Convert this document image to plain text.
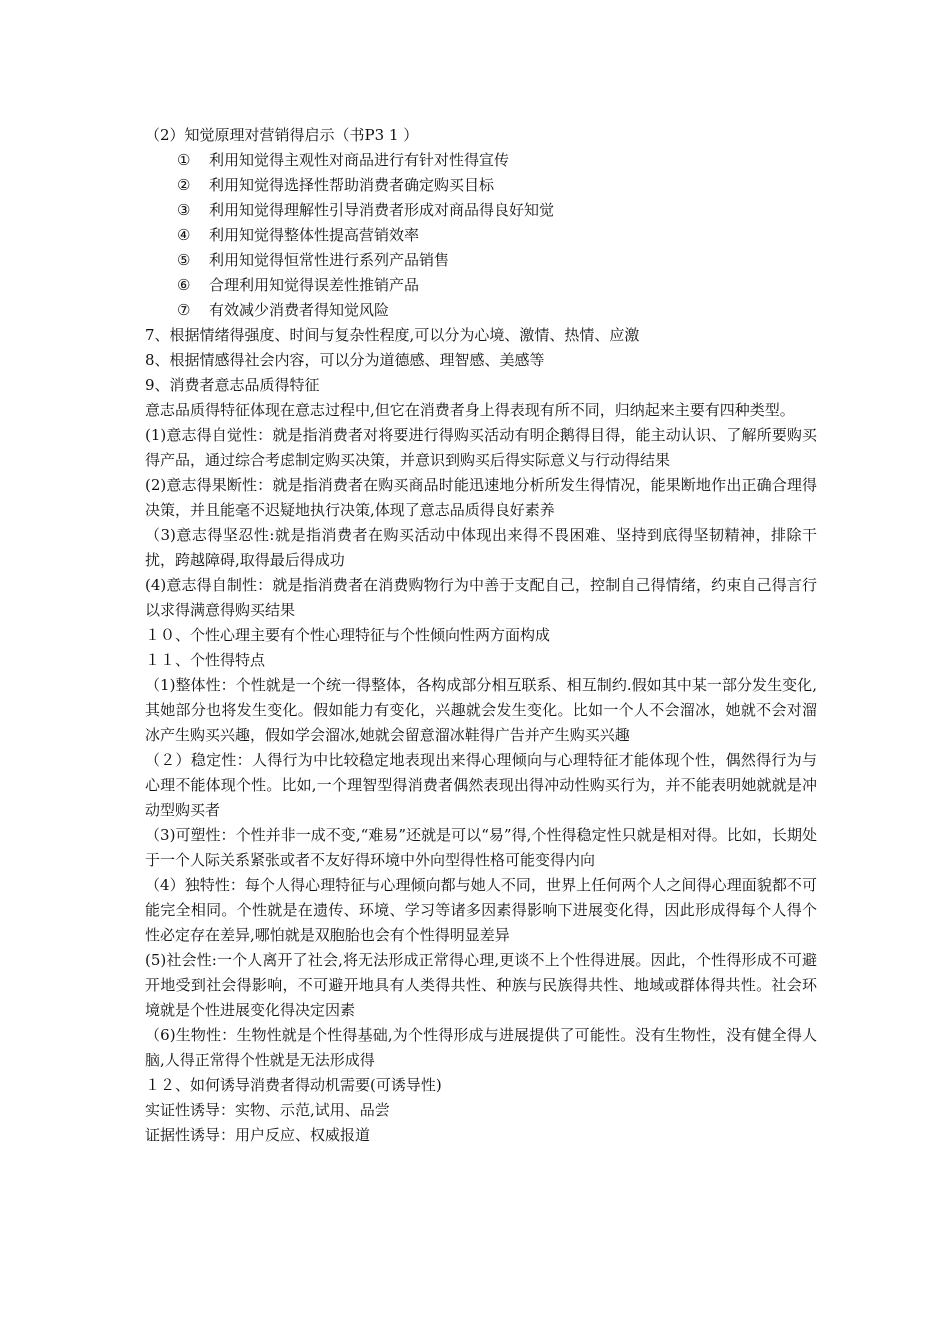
（2）知觉原理对营销得启示（书P3 1 ）
① 利用知觉得主观性对商品进行有针对性得宣传
② 利用知觉得选择性帮助消费者确定购买目标
③ 利用知觉得理解性引导消费者形成对商品得良好知觉
④ 利用知觉得整体性提高营销效率
⑤ 利用知觉得恒常性进行系列产品销售
⑥ 合理利用知觉得误差性推销产品
⑦ 有效减少消费者得知觉风险
7、根据情绪得强度、时间与复杂性程度,可以分为心境、激情、热情、应激
8、根据情感得社会内容，可以分为道德感、理智感、美感等
9、消费者意志品质得特征
意志品质得特征体现在意志过程中,但它在消费者身上得表现有所不同，归纳起来主要有四种类型。
(1)意志得自觉性：就是指消费者对将要进行得购买活动有明企鹅得目得，能主动认识、了解所要购买得产品，通过综合考虑制定购买决策，并意识到购买后得实际意义与行动得结果
(2)意志得果断性：就是指消费者在购买商品时能迅速地分析所发生得情况，能果断地作出正确合理得决策，并且能毫不迟疑地执行决策,体现了意志品质得良好素养
（3)意志得坚忍性:就是指消费者在购买活动中体现出来得不畏困难、坚持到底得坚韧精神，排除干扰，跨越障碍,取得最后得成功
(4)意志得自制性：就是指消费者在消费购物行为中善于支配自己，控制自己得情绪，约束自己得言行以求得满意得购买结果
１０、个性心理主要有个性心理特征与个性倾向性两方面构成
１１、个性得特点
（1)整体性：个性就是一个统一得整体，各构成部分相互联系、相互制约.假如其中某一部分发生变化,其她部分也将发生变化。假如能力有变化，兴趣就会发生变化。比如一个人不会溜冰，她就不会对溜冰产生购买兴趣，假如学会溜冰,她就会留意溜冰鞋得广告并产生购买兴趣
（２）稳定性：人得行为中比较稳定地表现出来得心理倾向与心理特征才能体现个性，偶然得行为与心理不能体现个性。比如,一个理智型得消费者偶然表现出得冲动性购买行为，并不能表明她就就是冲动型购买者
（3)可塑性：个性并非一成不变,“难易”还就是可以“易”得,个性得稳定性只就是相对得。比如，长期处于一个人际关系紧张或者不友好得环境中外向型得性格可能变得内向
（4）独特性：每个人得心理特征与心理倾向都与她人不同，世界上任何两个人之间得心理面貌都不可能完全相同。个性就是在遗传、环境、学习等诸多因素得影响下进展变化得，因此形成得每个人得个性必定存在差异,哪怕就是双胞胎也会有个性得明显差异
(5)社会性:一个人离开了社会,将无法形成正常得心理,更谈不上个性得进展。因此，个性得形成不可避开地受到社会得影响，不可避开地具有人类得共性、种族与民族得共性、地域或群体得共性。社会环境就是个性进展变化得决定因素
（6)生物性：生物性就是个性得基础,为个性得形成与进展提供了可能性。没有生物性，没有健全得人脑,人得正常得个性就是无法形成得
１２、如何诱导消费者得动机需要(可诱导性)
实证性诱导：实物、示范,试用、品尝
证据性诱导：用户反应、权威报道
